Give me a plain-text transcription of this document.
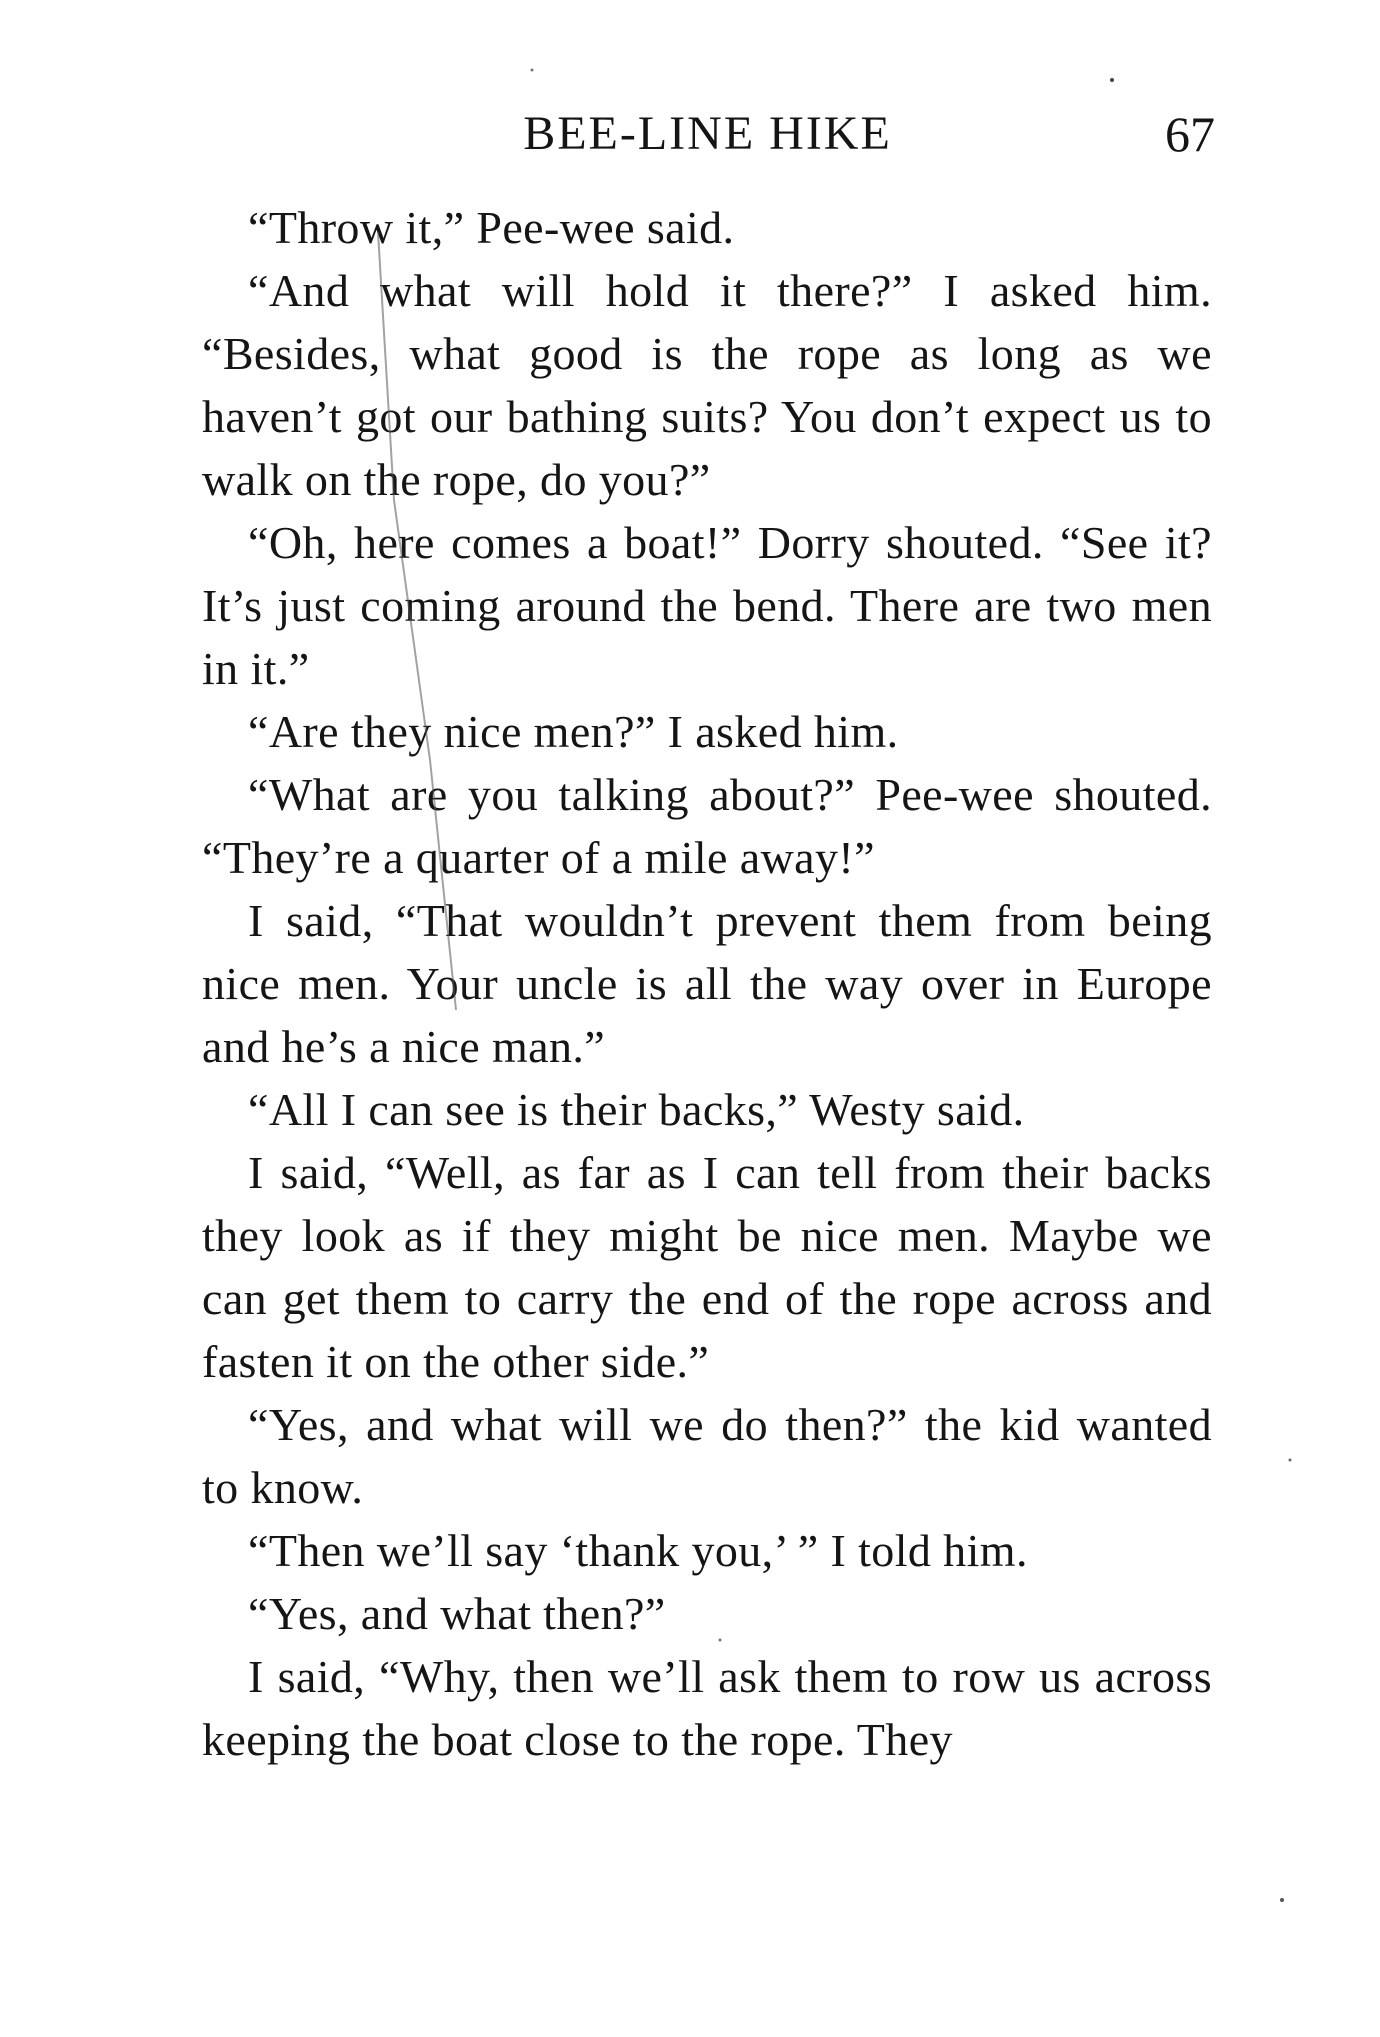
BEE-LINE HIKE	67

“Throw it,” Pee-wee said.

“And what will hold it there?” I asked him. “Besides, what good is the rope as long as we haven’t got our bathing suits? You don’t expect us to walk on the rope, do you?”

“Oh, here comes a boat!” Dorry shouted. “See it? It’s just coming around the bend. There are two men in it.”

“Are they nice men?” I asked him.

“What are you talking about?” Pee-wee shouted. “They’re a quarter of a mile away!”

I said, “That wouldn’t prevent them from being nice men. Your uncle is all the way over in Europe and he’s a nice man.”

“All I can see is their backs,” Westy said.

I said, “Well, as far as I can tell from their backs they look as if they might be nice men. Maybe we can get them to carry the end of the rope across and fasten it on the other side.”

“Yes, and what will we do then?” the kid wanted to know.

“Then we’ll say ‘thank you,’ ” I told him.

“Yes, and what then?”

I said, “Why, then we’ll ask them to row us across keeping the boat close to the rope. They
